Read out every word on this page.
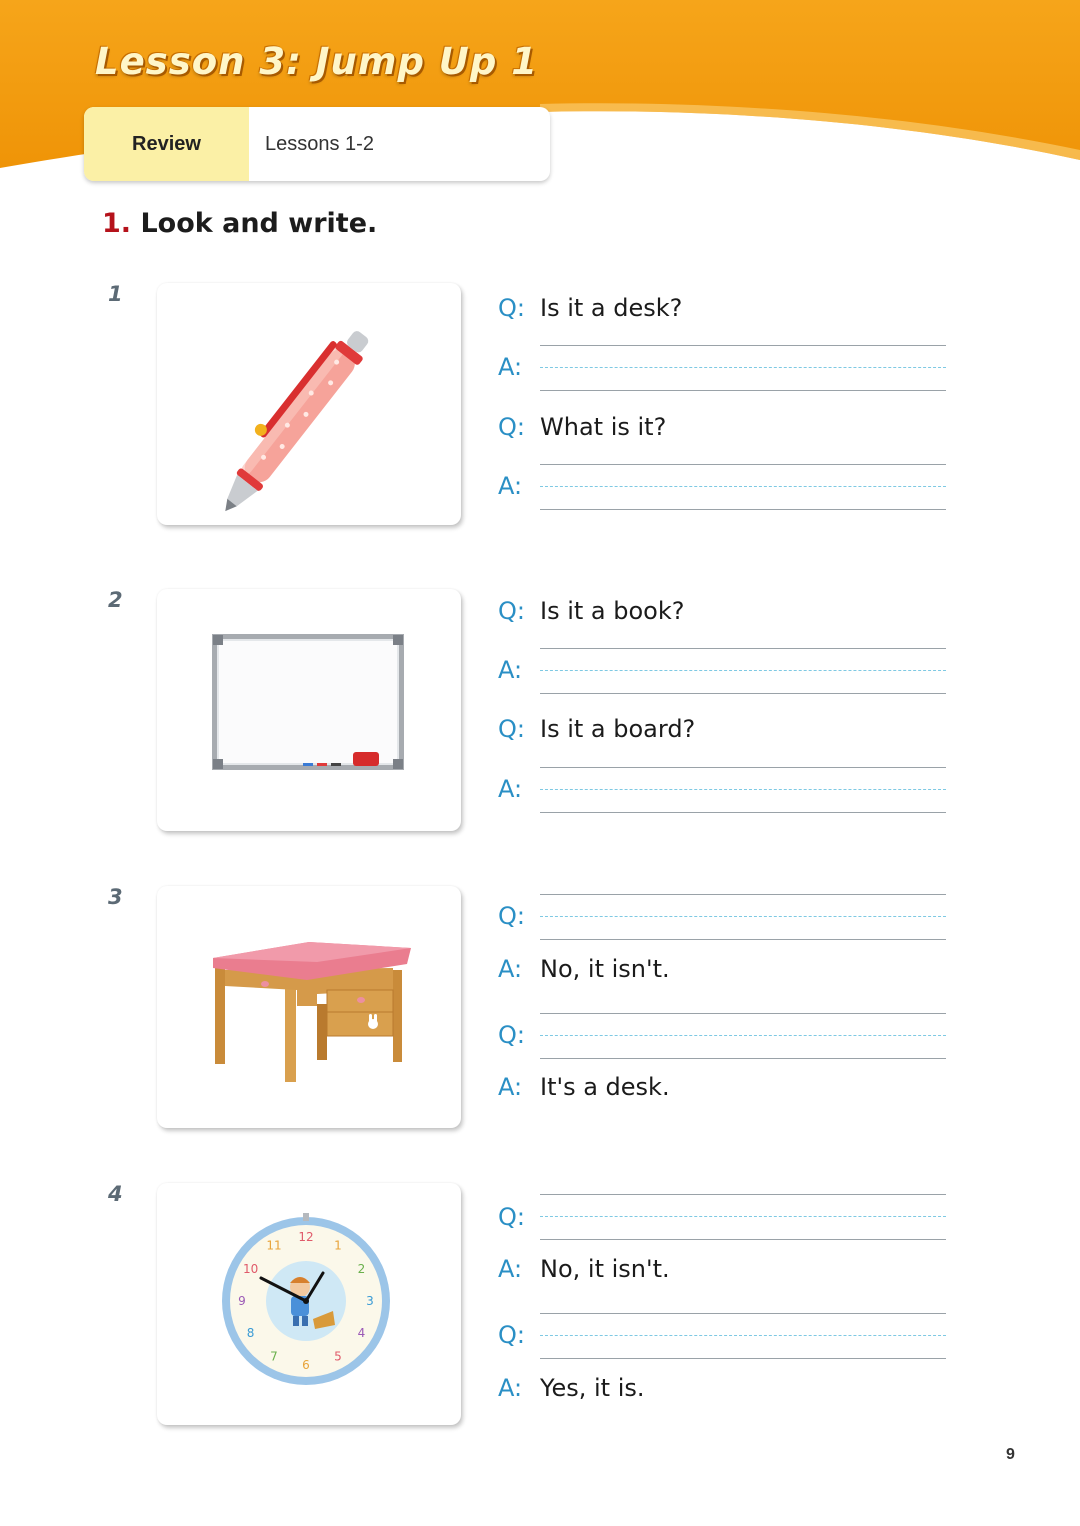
Lesson 3: Jump Up 1
Review	Lessons 1-2
1. Look and write.
1	Q: Is it a desk?
A:
Q: What is it?
A:
2	Q: Is it a book?
A:
Q: Is it a board?
A:
3
Q:
A: No, it isn't.
Q:
A: It's a desk.
4
12
1
2
3
4
5
6
7
8
9
10
11
Q:
A: No, it isn't.
Q:
A: Yes, it is.
9
